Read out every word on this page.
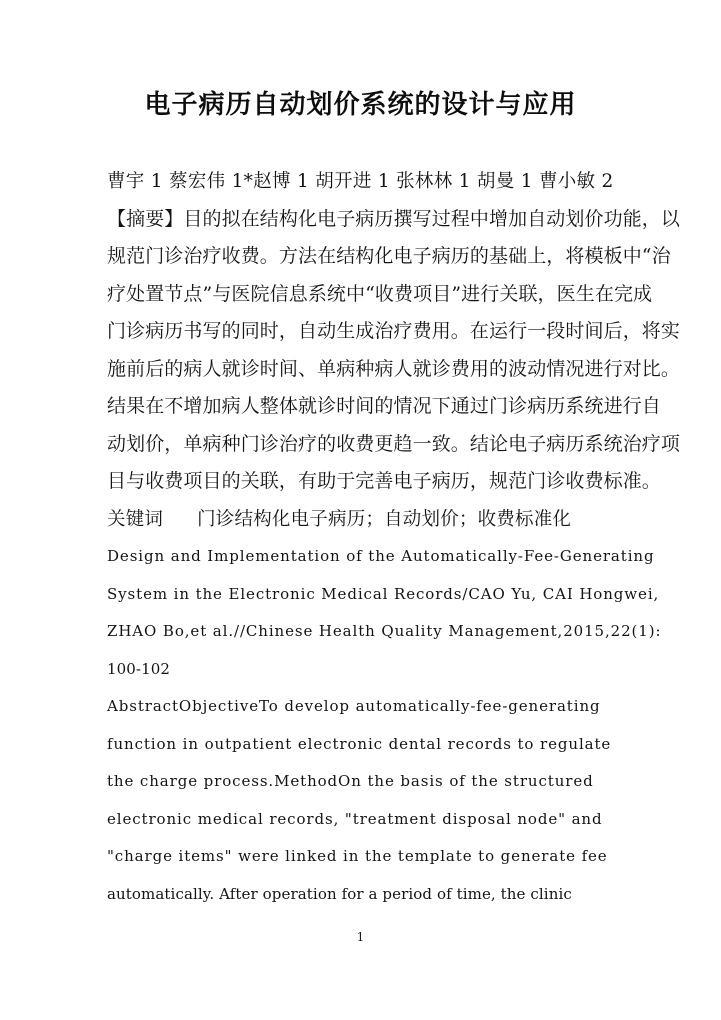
电子病历自动划价系统的设计与应用
曹宇 1 蔡宏伟 1*赵博 1 胡开进 1 张林林 1 胡曼 1 曹小敏 2
【摘要】目的拟在结构化电子病历撰写过程中增加自动划价功能，以
规范门诊治疗收费。方法在结构化电子病历的基础上，将模板中“治
疗处置节点”与医院信息系统中“收费项目”进行关联，医生在完成
门诊病历书写的同时，自动生成治疗费用。在运行一段时间后，将实
施前后的病人就诊时间、单病种病人就诊费用的波动情况进行对比。
结果在不增加病人整体就诊时间的情况下通过门诊病历系统进行自
动划价，单病种门诊治疗的收费更趋一致。结论电子病历系统治疗项
目与收费项目的关联，有助于完善电子病历，规范门诊收费标准。
关键词 门诊结构化电子病历；自动划价；收费标准化
Design and Implementation of the Automatically-Fee-Generating
System in the Electronic Medical Records/CAO Yu, CAI Hongwei,
ZHAO Bo,et al.//Chinese Health Quality Management,2015,22(1):
100-102
AbstractObjectiveTo develop automatically-fee-generating
function in outpatient electronic dental records to regulate
the charge process.MethodOn the basis of the structured
electronic medical records, "treatment disposal node" and
"charge items" were linked in the template to generate fee
automatically. After operation for a period of time, the clinic
1
